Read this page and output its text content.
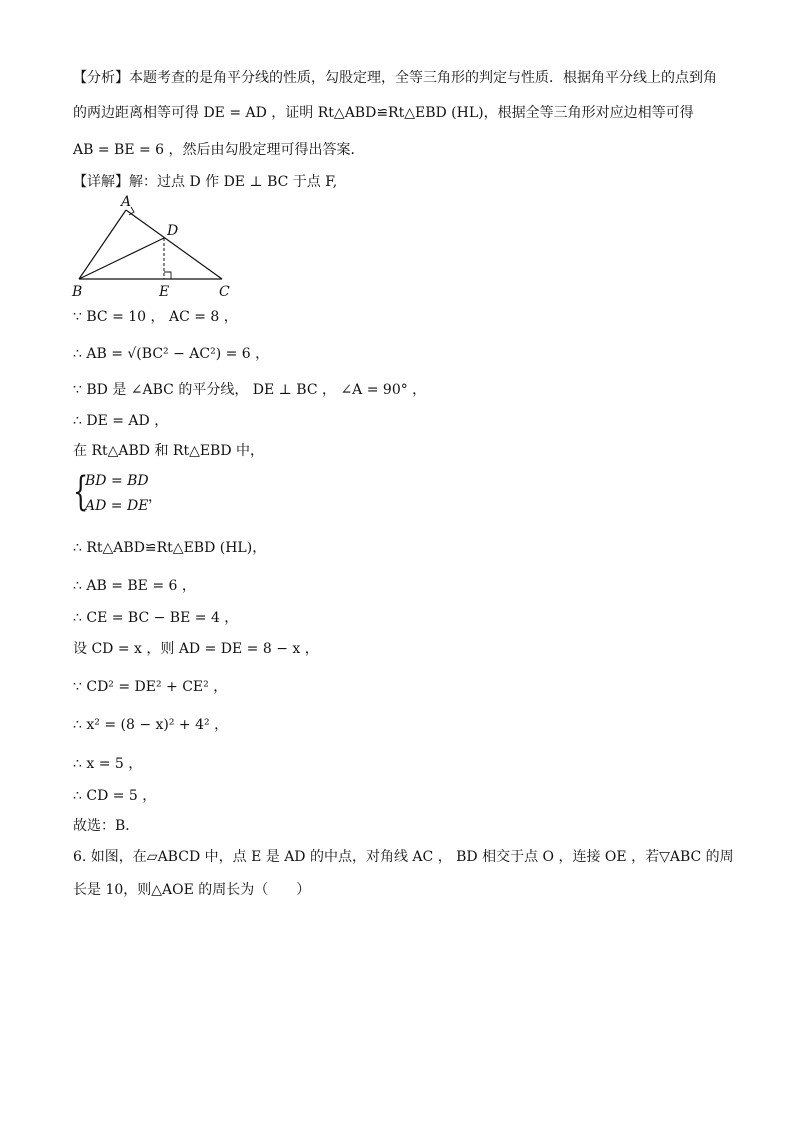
【分析】本题考查的是角平分线的性质，勾股定理，全等三角形的判定与性质．根据角平分线上的点到角
的两边距离相等可得 DE = AD ，证明 Rt△ABD≌Rt△EBD (HL)，根据全等三角形对应边相等可得
AB = BE = 6 ，然后由勾股定理可得出答案．
【详解】解：过点 D 作 DE ⊥ BC 于点 F,
A
D
B	E	C
∵ BC = 10 ， AC = 8 ，
∴ AB = √(BC² − AC²) = 6 ，
∵ BD 是 ∠ABC 的平分线， DE ⊥ BC ， ∠A = 90° ，
∴ DE = AD ，
在 Rt△ABD 和 Rt△EBD 中，
{
BD = BD
AD = DE
，
∴ Rt△ABD≌Rt△EBD (HL)，
∴ AB = BE = 6 ，
∴ CE = BC − BE = 4 ，
设 CD = x ，则 AD = DE = 8 − x ，
∵ CD² = DE² + CE² ，
∴ x² = (8 − x)² + 4² ，
∴ x = 5 ，
∴ CD = 5 ，
故选：B．
6. 如图，在▱ABCD 中，点 E 是 AD 的中点，对角线 AC ， BD 相交于点 O ，连接 OE ，若▽ABC 的周
长是 10，则△AOE 的周长为（　　）
